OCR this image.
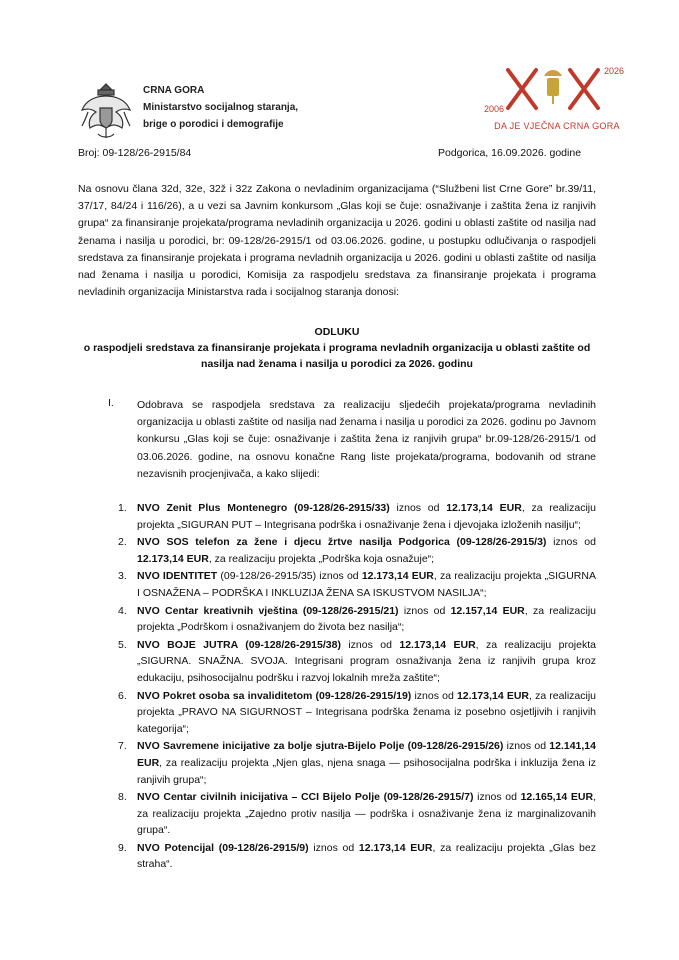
CRNA GORA
Ministarstvo socijalnog staranja,
brige o porodici i demografije
2006
2026
DA JE VJEČNA CRNA GORA
Broj: 09-128/26-2915/84	Podgorica, 16.09.2026. godine
Na osnovu člana 32d, 32e, 32ž i 32z Zakona o nevladinim organizacijama (“Službeni list Crne Gore” br.39/11, 37/17, 84/24 i 116/26), a u vezi sa Javnim konkursom „Glas koji se čuje: osnaživanje i zaštita žena iz ranjivih grupa“ za finansiranje projekata/programa nevladinih organizacija u 2026. godini u oblasti zaštite od nasilja nad ženama i nasilja u porodici, br: 09-128/26-2915/1 od 03.06.2026. godine, u postupku odlučivanja o raspodjeli sredstava za finansiranje projekata i programa nevladnih organizacija u 2026. godini u oblasti zaštite od nasilja nad ženama i nasilja u porodici, Komisija za raspodjelu sredstava za finansiranje projekata i programa nevladinih organizacija Ministarstva rada i socijalnog staranja donosi:
ODLUKU
o raspodjeli sredstava za finansiranje projekata i programa nevladnih organizacija u oblasti zaštite od nasilja nad ženama i nasilja u porodici za 2026. godinu
I. Odobrava se raspodjela sredstava za realizaciju sljedećih projekata/programa nevladinih organizacija u oblasti zaštite od nasilja nad ženama i nasilja u porodici za 2026. godinu po Javnom konkursu „Glas koji se čuje: osnaživanje i zaštita žena iz ranjivih grupa“ br.09-128/26-2915/1 od 03.06.2026. godine, na osnovu konačne Rang liste projekata/programa, bodovanih od strane nezavisnih procjenjivača, a kako slijedi:
1. NVO Zenit Plus Montenegro (09-128/26-2915/33) iznos od 12.173,14 EUR, za realizaciju projekta „SIGURAN PUT – Integrisana podrška i osnaživanje žena i djevojaka izloženih nasilju“;
2. NVO SOS telefon za žene i djecu žrtve nasilja Podgorica (09-128/26-2915/3) iznos od 12.173,14 EUR, za realizaciju projekta „Podrška koja osnažuje“;
3. NVO IDENTITET (09-128/26-2915/35) iznos od 12.173,14 EUR, za realizaciju projekta „SIGURNA I OSNAŽENA – PODRŠKA I INKLUZIJA ŽENA SA ISKUSTVOM NASILJA“;
4. NVO Centar kreativnih vještina (09-128/26-2915/21) iznos od 12.157,14 EUR, za realizaciju projekta „Podrškom i osnaživanjem do života bez nasilja“;
5. NVO BOJE JUTRA (09-128/26-2915/38) iznos od 12.173,14 EUR, za realizaciju projekta „SIGURNA. SNAŽNA. SVOJA. Integrisani program osnaživanja žena iz ranjivih grupa kroz edukaciju, psihosocijalnu podršku i razvoj lokalnih mreža zaštite“;
6. NVO Pokret osoba sa invaliditetom (09-128/26-2915/19) iznos od 12.173,14 EUR, za realizaciju projekta „PRAVO NA SIGURNOST – Integrisana podrška ženama iz posebno osjetljivih i ranjivih kategorija“;
7. NVO Savremene inicijative za bolje sjutra-Bijelo Polje (09-128/26-2915/26) iznos od 12.141,14 EUR, za realizaciju projekta „Njen glas, njena snaga — psihosocijalna podrška i inkluzija žena iz ranjivih grupa“;
8. NVO Centar civilnih inicijativa – CCI Bijelo Polje (09-128/26-2915/7) iznos od 12.165,14 EUR, za realizaciju projekta „Zajedno protiv nasilja — podrška i osnaživanje žena iz marginalizovanih grupa“.
9. NVO Potencijal (09-128/26-2915/9) iznos od 12.173,14 EUR, za realizaciju projekta „Glas bez straha“.
